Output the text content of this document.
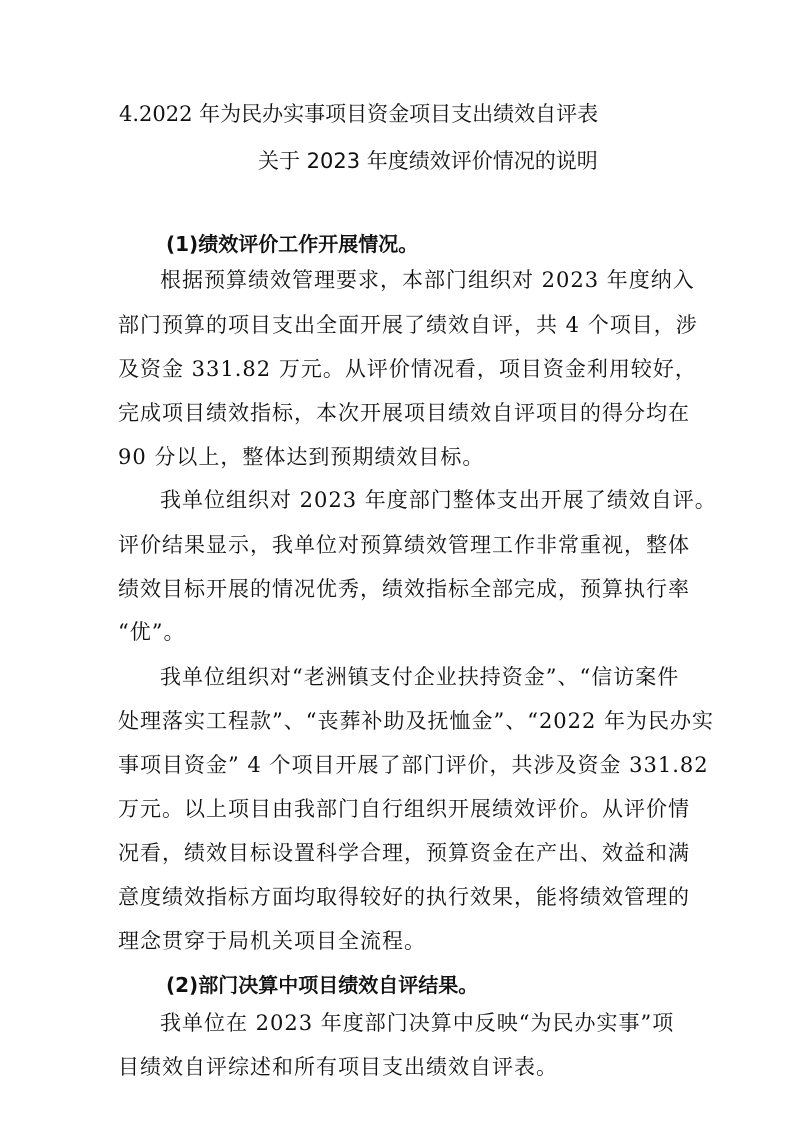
4.2022 年为民办实事项目资金项目支出绩效自评表
关于 2023 年度绩效评价情况的说明
(1)绩效评价工作开展情况。
根据预算绩效管理要求，本部门组织对 2023 年度纳入
部门预算的项目支出全面开展了绩效自评，共 4 个项目，涉
及资金 331.82 万元。从评价情况看，项目资金利用较好，
完成项目绩效指标，本次开展项目绩效自评项目的得分均在
90 分以上，整体达到预期绩效目标。
我单位组织对 2023 年度部门整体支出开展了绩效自评。
评价结果显示，我单位对预算绩效管理工作非常重视，整体
绩效目标开展的情况优秀，绩效指标全部完成，预算执行率
“优”。
我单位组织对“老洲镇支付企业扶持资金”、“信访案件
处理落实工程款”、“丧葬补助及抚恤金”、“2022 年为民办实
事项目资金” 4 个项目开展了部门评价，共涉及资金 331.82
万元。以上项目由我部门自行组织开展绩效评价。从评价情
况看，绩效目标设置科学合理，预算资金在产出、效益和满
意度绩效指标方面均取得较好的执行效果，能将绩效管理的
理念贯穿于局机关项目全流程。
(2)部门决算中项目绩效自评结果。
我单位在 2023 年度部门决算中反映“为民办实事”项
目绩效自评综述和所有项目支出绩效自评表。
